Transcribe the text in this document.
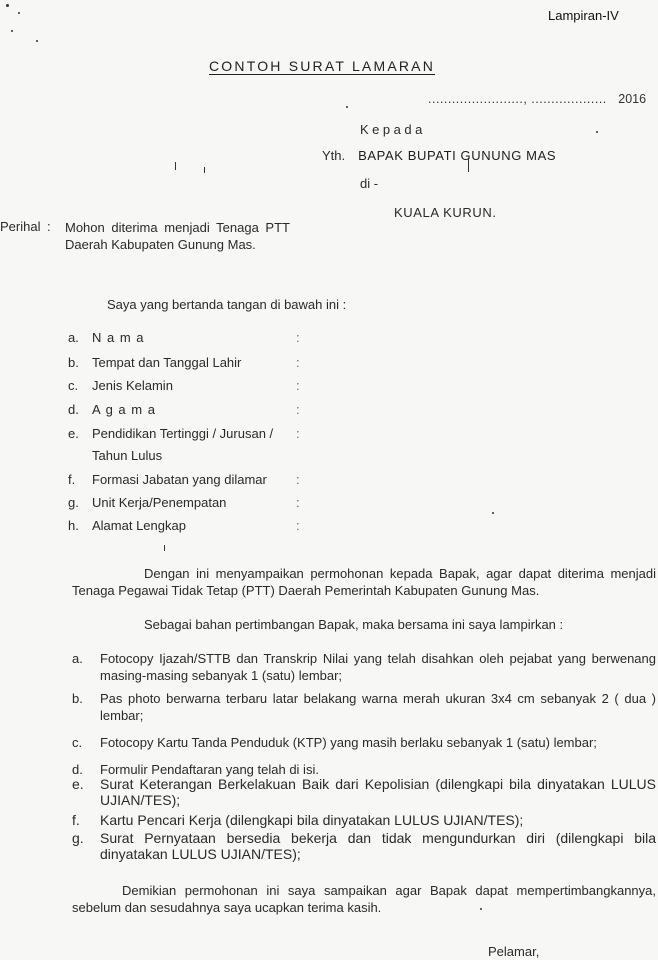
Lampiran-IV
CONTOH SURAT LAMARAN
........................, ................... 2016
Kepada
Yth. BAPAK BUPATI GUNUNG MAS
di -
KUALA KURUN.
Perihal : Mohon diterima menjadi Tenaga PTT Daerah Kabupaten Gunung Mas.
Saya yang bertanda tangan di bawah ini :
a. N a m a	:
b. Tempat dan Tanggal Lahir	:
c. Jenis Kelamin	:
d. A g a m a	:
e. Pendidikan Tertinggi / Jurusan / :
Tahun Lulus
f. Formasi Jabatan yang dilamar :
g. Unit Kerja/Penempatan	:
h. Alamat Lengkap	:
Dengan ini menyampaikan permohonan kepada Bapak, agar dapat diterima menjadi Tenaga Pegawai Tidak Tetap (PTT) Daerah Pemerintah Kabupaten Gunung Mas.
Sebagai bahan pertimbangan Bapak, maka bersama ini saya lampirkan :
a. Fotocopy Ijazah/STTB dan Transkrip Nilai yang telah disahkan oleh pejabat yang berwenang masing-masing sebanyak 1 (satu) lembar;
b. Pas photo berwarna terbaru latar belakang warna merah ukuran 3x4 cm sebanyak 2 ( dua ) lembar;
c. Fotocopy Kartu Tanda Penduduk (KTP) yang masih berlaku sebanyak 1 (satu) lembar;
d. Formulir Pendaftaran yang telah di isi.
e. Surat Keterangan Berkelakuan Baik dari Kepolisian (dilengkapi bila dinyatakan LULUS UJIAN/TES);
f. Kartu Pencari Kerja (dilengkapi bila dinyatakan LULUS UJIAN/TES);
g. Surat Pernyataan bersedia bekerja dan tidak mengundurkan diri (dilengkapi bila dinyatakan LULUS UJIAN/TES);
Demikian permohonan ini saya sampaikan agar Bapak dapat mempertimbangkannya, sebelum dan sesudahnya saya ucapkan terima kasih.
Pelamar,
